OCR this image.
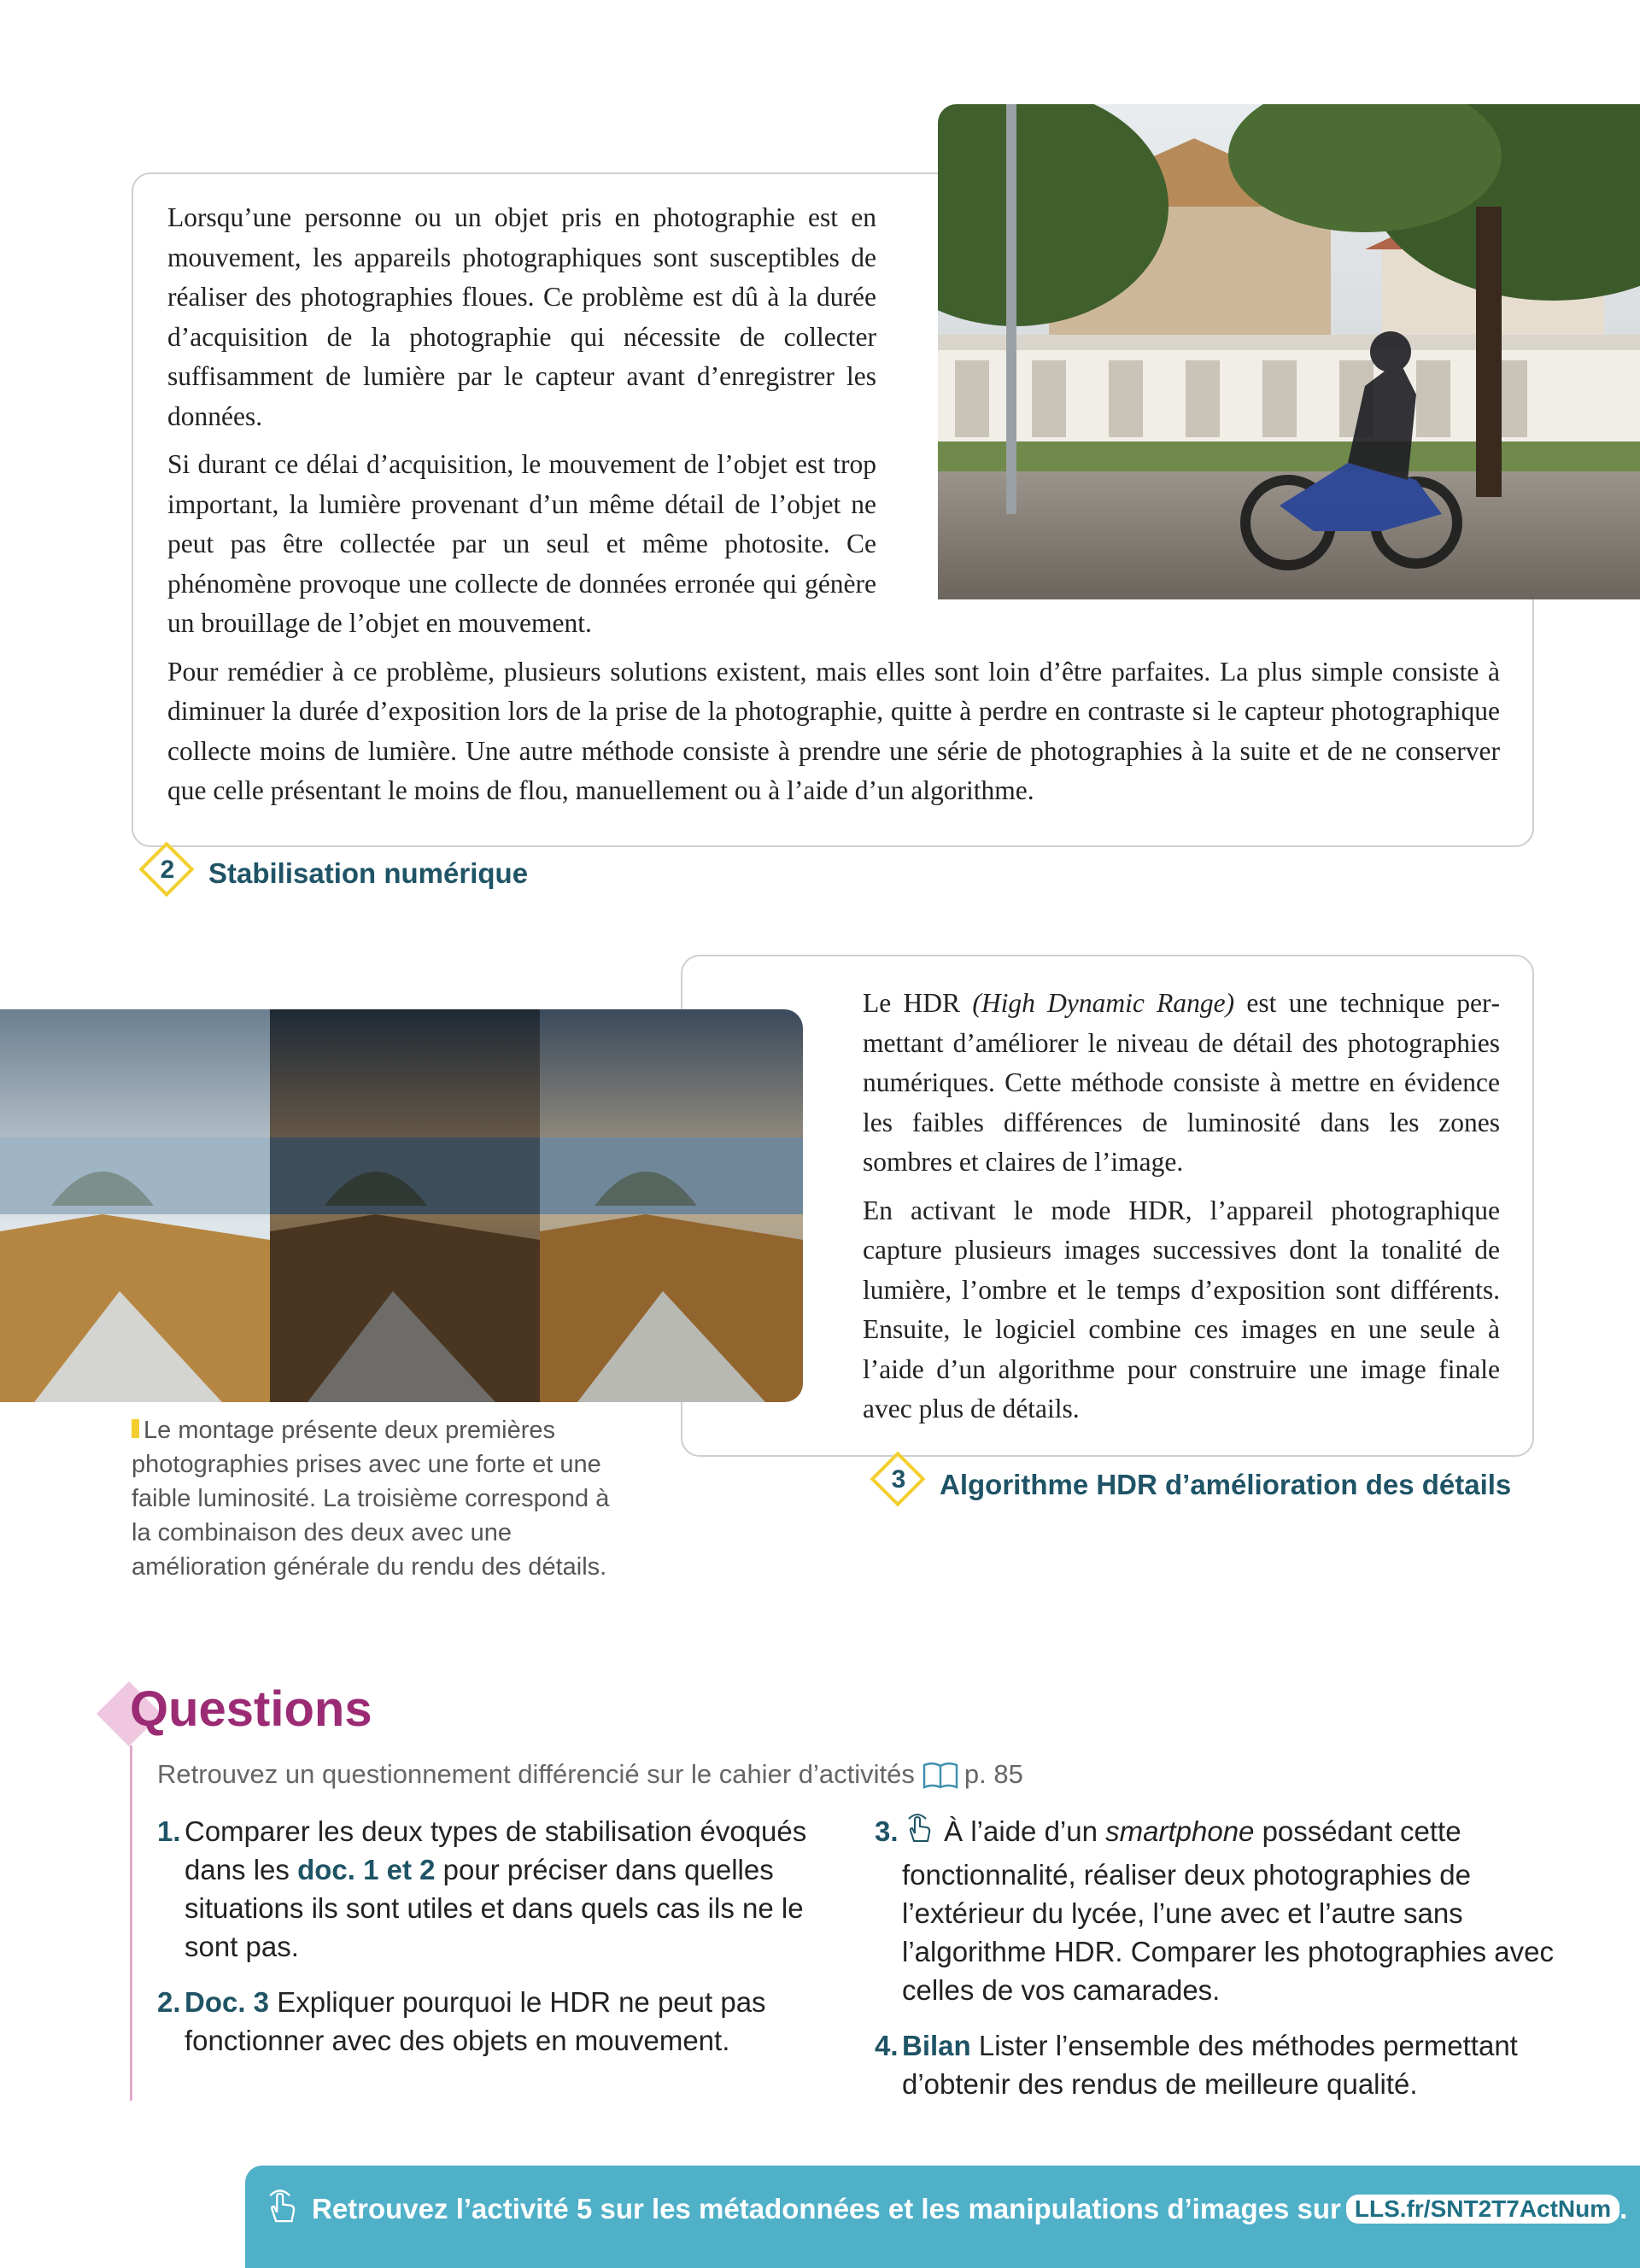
Lorsqu’une personne ou un objet pris en photographie est en mouvement, les appareils photographiques sont susceptibles de réaliser des photographies floues. Ce problème est dû à la durée d’acquisition de la photographie qui nécessite de collecter suffisamment de lumière par le capteur avant d’enregistrer les données.

Si durant ce délai d’acquisition, le mouvement de l’objet est trop important, la lumière provenant d’un même détail de l’objet ne peut pas être collectée par un seul et même photosite. Ce phénomène provoque une collecte de données erronée qui génère un brouillage de l’objet en mouvement.

Pour remédier à ce problème, plusieurs solutions existent, mais elles sont loin d’être parfaites. La plus simple consiste à diminuer la durée d’exposition lors de la prise de la photographie, quitte à perdre en contraste si le capteur photographique collecte moins de lumière. Une autre méthode consiste à prendre une série de photographies à la suite et de ne conserver que celle présentant le moins de flou, manuellement ou à l’aide d’un algorithme.

2	Stabilisation numérique

Le HDR (High Dynamic Range) est une technique permettant d’améliorer le niveau de détail des photographies numériques. Cette méthode consiste à mettre en évidence les faibles différences de luminosité dans les zones sombres et claires de l’image.

En activant le mode HDR, l’appareil photographique capture plusieurs images successives dont la tonalité de lumière, l’ombre et le temps d’exposition sont différents. Ensuite, le logiciel combine ces images en une seule à l’aide d’un algorithme pour construire une image finale avec plus de détails.

Le montage présente deux premières photographies prises avec une forte et une faible luminosité. La troisième correspond à la combinaison des deux avec une amélioration générale du rendu des détails.
3	Algorithme HDR d’amélioration des détails
Questions
Retrouvez un questionnement différencié sur le cahier d’activités p. 85
1. Comparer les deux types de stabilisation évoqués dans les doc. 1 et 2 pour préciser dans quelles situations ils sont utiles et dans quels cas ils ne le sont pas.
2. Doc. 3 Expliquer pourquoi le HDR ne peut pas fonctionner avec des objets en mouvement.
3. À l’aide d’un smartphone possédant cette fonctionnalité, réaliser deux photographies de l’extérieur du lycée, l’une avec et l’autre sans l’algorithme HDR. Comparer les photographies avec celles de vos camarades.
4. Bilan Lister l’ensemble des méthodes permettant d’obtenir des rendus de meilleure qualité.
Retrouvez l’activité 5 sur les métadonnées et les manipulations d’images sur LLS.fr/SNT2T7ActNum .
